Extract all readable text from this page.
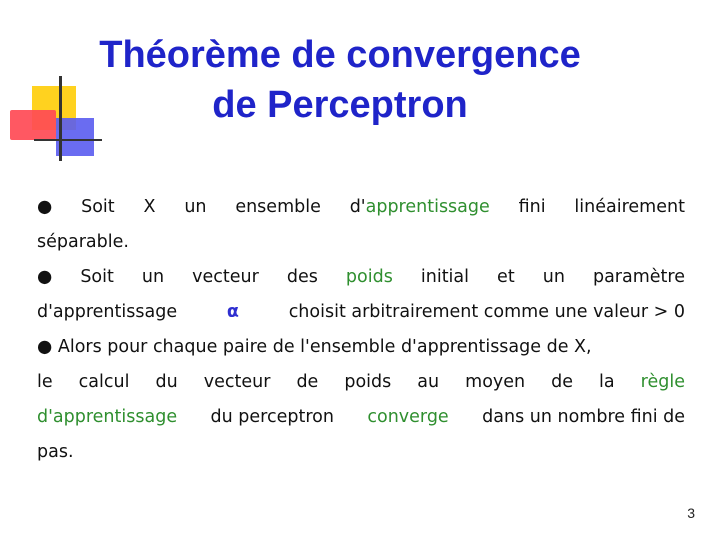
Théorème de convergence
de Perceptron
● Soit X un ensemble d'apprentissage fini linéairement
séparable.
● Soit un vecteur des poids initial et un paramètre
d'apprentissage	α	choisit arbitrairement comme une valeur > 0
● Alors pour chaque paire de l'ensemble d'apprentissage de X,
le calcul du vecteur de poids au moyen de la règle
d'apprentissage du perceptron converge dans un nombre fini de
pas.
3
